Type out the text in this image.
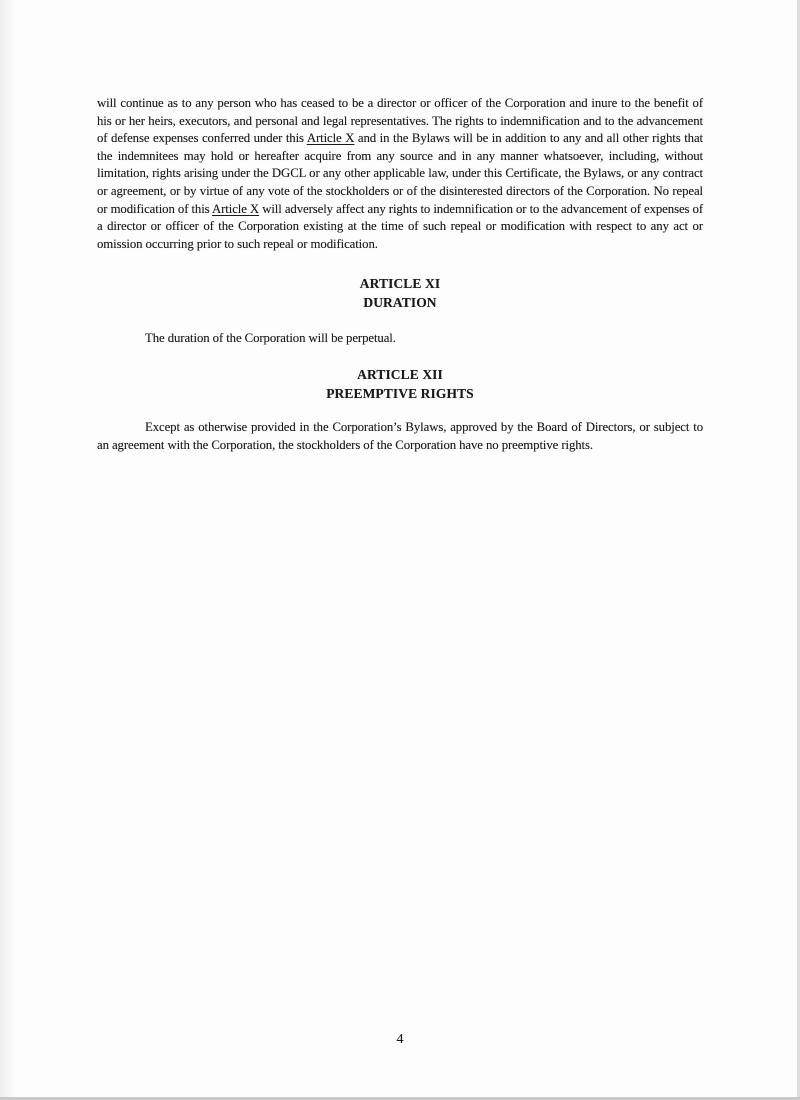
will continue as to any person who has ceased to be a director or officer of the Corporation and inure to the benefit of his or her heirs, executors, and personal and legal representatives. The rights to indemnification and to the advancement of defense expenses conferred under this Article X and in the Bylaws will be in addition to any and all other rights that the indemnitees may hold or hereafter acquire from any source and in any manner whatsoever, including, without limitation, rights arising under the DGCL or any other applicable law, under this Certificate, the Bylaws, or any contract or agreement, or by virtue of any vote of the stockholders or of the disinterested directors of the Corporation. No repeal or modification of this Article X will adversely affect any rights to indemnification or to the advancement of expenses of a director or officer of the Corporation existing at the time of such repeal or modification with respect to any act or omission occurring prior to such repeal or modification.

ARTICLE XI
DURATION

The duration of the Corporation will be perpetual.

ARTICLE XII
PREEMPTIVE RIGHTS

Except as otherwise provided in the Corporation’s Bylaws, approved by the Board of Directors, or subject to an agreement with the Corporation, the stockholders of the Corporation have no preemptive rights.

4
